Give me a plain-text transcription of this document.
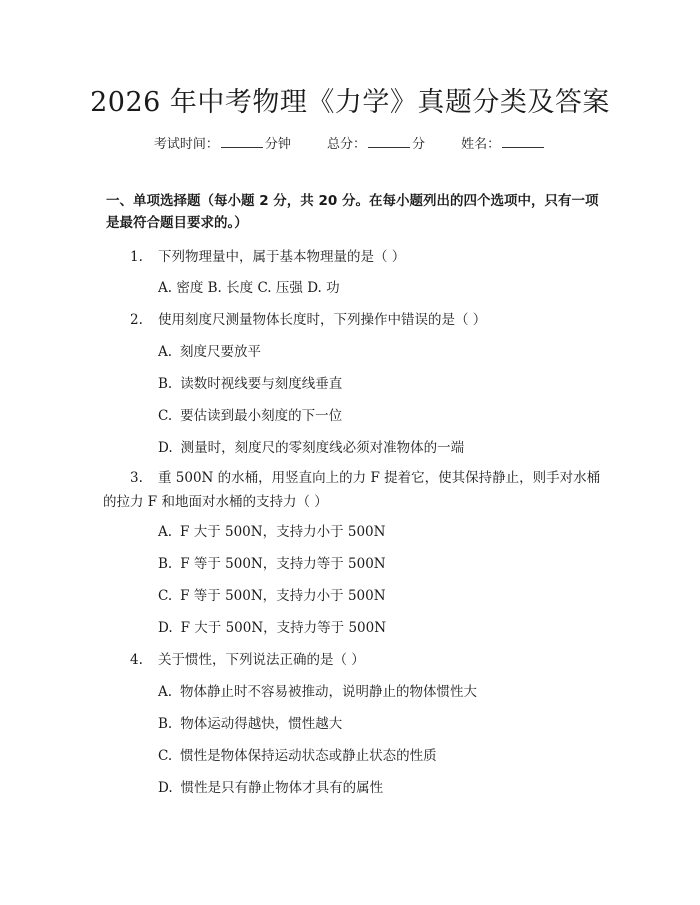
2026 年中考物理《力学》真题分类及答案
考试时间：	分钟	总分：	分	姓名：
一、单项选择题（每小题 2 分，共 20 分。在每小题列出的四个选项中，只有一项是最符合题目要求的。）
1. 下列物理量中，属于基本物理量的是（ ）
A. 密度 B. 长度 C. 压强 D. 功
2. 使用刻度尺测量物体长度时，下列操作中错误的是（ ）
A. 刻度尺要放平
B. 读数时视线要与刻度线垂直
C. 要估读到最小刻度的下一位
D. 测量时，刻度尺的零刻度线必须对准物体的一端
3. 重 500N 的水桶，用竖直向上的力 F 提着它，使其保持静止，则手对水桶的拉力 F 和地面对水桶的支持力（ ）
A. F 大于 500N，支持力小于 500N
B. F 等于 500N，支持力等于 500N
C. F 等于 500N，支持力小于 500N
D. F 大于 500N，支持力等于 500N
4. 关于惯性，下列说法正确的是（ ）
A. 物体静止时不容易被推动，说明静止的物体惯性大
B. 物体运动得越快，惯性越大
C. 惯性是物体保持运动状态或静止状态的性质
D. 惯性是只有静止物体才具有的属性
